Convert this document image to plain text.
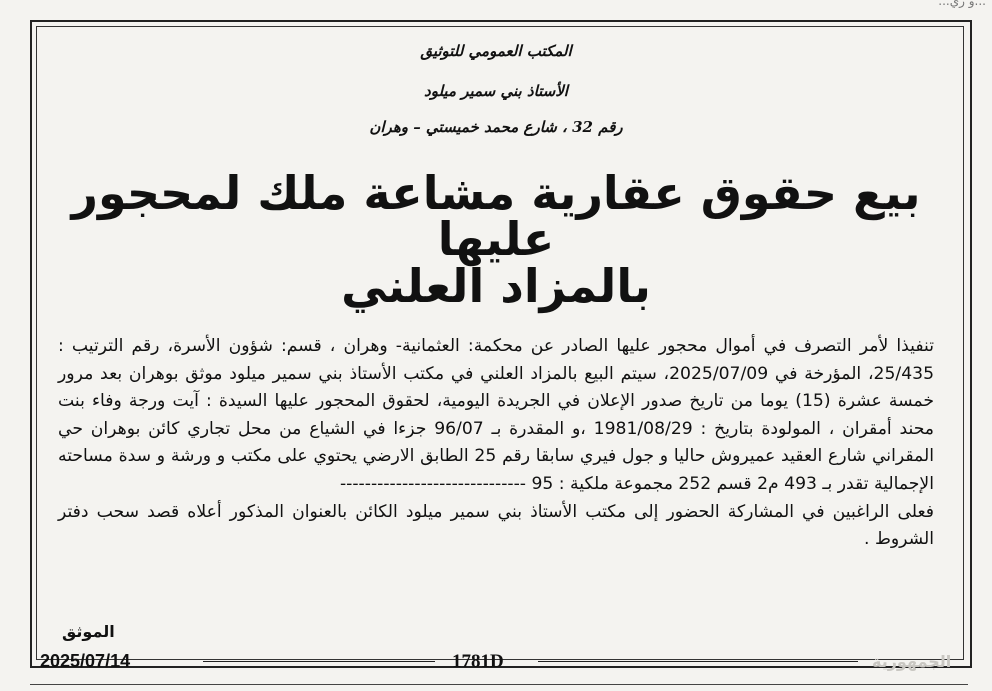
...و ري...
المكتب العمومي للتوثيق
الأستاذ بني سمير ميلود
رقم 32 ، شارع محمد خميستي – وهران
بيع حقوق عقارية مشاعة ملك لمحجور عليها
بالمزاد العلني

تنفيذا لأمر التصرف في أموال محجور عليها الصادر عن محكمة: العثمانية- وهران ، قسم: شؤون الأسرة، رقم الترتيب : 25/435، المؤرخة في 2025/07/09، سيتم البيع بالمزاد العلني في مكتب الأستاذ بني سمير ميلود موثق بوهران بعد مرور خمسة عشرة (15) يوما من تاريخ صدور الإعلان في الجريدة اليومية، لحقوق المحجور عليها السيدة : آيت ورجة وفاء بنت محند أمقران ، المولودة بتاريخ : 1981/08/29 ،و المقدرة بـ 96/07 جزءا في الشياع من محل تجاري كائن بوهران حي المقراني شارع العقيد عميروش حاليا و جول فيري سابقا رقم 25 الطابق الارضي يحتوي على مكتب و ورشة و سدة مساحته الإجمالية تقدر بـ 493 م2 قسم 252 مجموعة ملكية : 95 ------------------------------

فعلى الراغبين في المشاركة الحضور إلى مكتب الأستاذ بني سمير ميلود الكائن بالعنوان المذكور أعلاه قصد سحب دفتر الشروط .

الموثق
2025/07/14	1781D	الجمهورية
